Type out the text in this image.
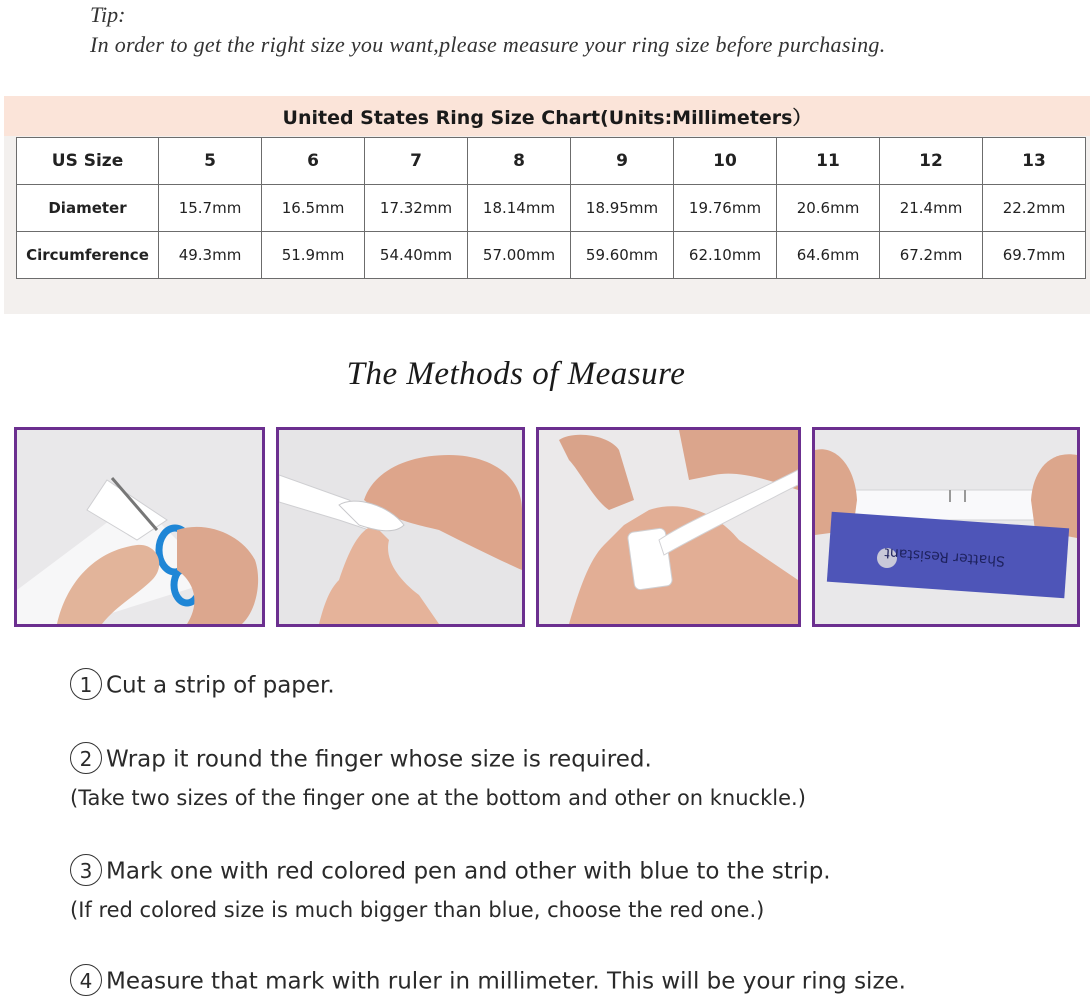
Tip:
In order to get the right size you want,please measure your ring size before purchasing.
United States Ring Size Chart(Units:Millimeters）
US Size	5	6	7	8	9	10	11	12	13
Diameter	15.7mm	16.5mm	17.32mm	18.14mm	18.95mm	19.76mm	20.6mm	21.4mm	22.2mm
Circumference	49.3mm	51.9mm	54.40mm	57.00mm	59.60mm	62.10mm	64.6mm	67.2mm	69.7mm
The Methods of Measure
Shatter Resistant
1 Cut a strip of paper.
2 Wrap it round the finger whose size is required.
(Take two sizes of the finger one at the bottom and other on knuckle.)
3 Mark one with red colored pen and other with blue to the strip.
(If red colored size is much bigger than blue, choose the red one.)
4 Measure that mark with ruler in millimeter. This will be your ring size.
